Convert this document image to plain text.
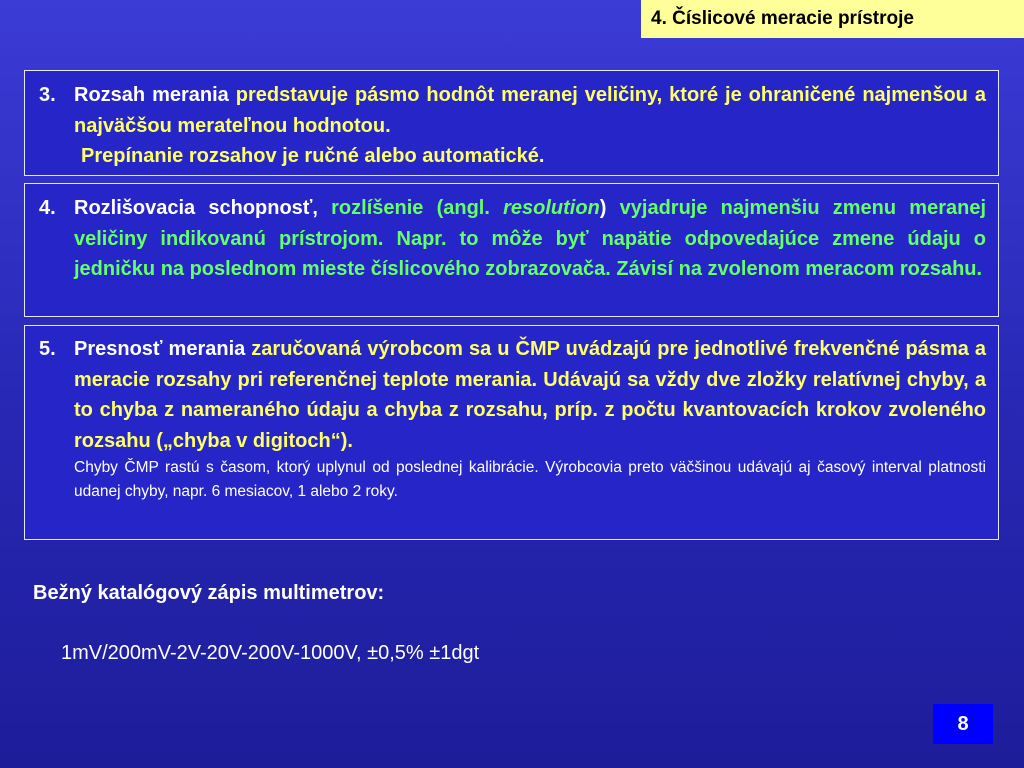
4. Číslicové meracie prístroje
3. Rozsah merania predstavuje pásmo hodnôt meranej veličiny, ktoré je ohraničené najmenšou a najväčšou merateľnou hodnotou.
Prepínanie rozsahov je ručné alebo automatické.
4. Rozlišovacia schopnosť, rozlíšenie (angl. resolution) vyjadruje najmenšiu zmenu meranej veličiny indikovanú prístrojom. Napr. to môže byť napätie odpovedajúce zmene údaju o jedničku na poslednom mieste číslicového zobrazovača. Závisí na zvolenom meracom rozsahu.
5. Presnosť merania zaručovaná výrobcom sa u ČMP uvádzajú pre jednotlivé frekvenčné pásma a meracie rozsahy pri referenčnej teplote merania. Udávajú sa vždy dve zložky relatívnej chyby, a to chyba z nameraného údaju a chyba z rozsahu, príp. z počtu kvantovacích krokov zvoleného rozsahu („chyba v digitoch“).
Chyby ČMP rastú s časom, ktorý uplynul od poslednej kalibrácie. Výrobcovia preto väčšinou udávajú aj časový interval platnosti udanej chyby, napr. 6 mesiacov, 1 alebo 2 roky.
Bežný katalógový zápis multimetrov:
1mV/200mV-2V-20V-200V-1000V, ±0,5% ±1dgt
8
